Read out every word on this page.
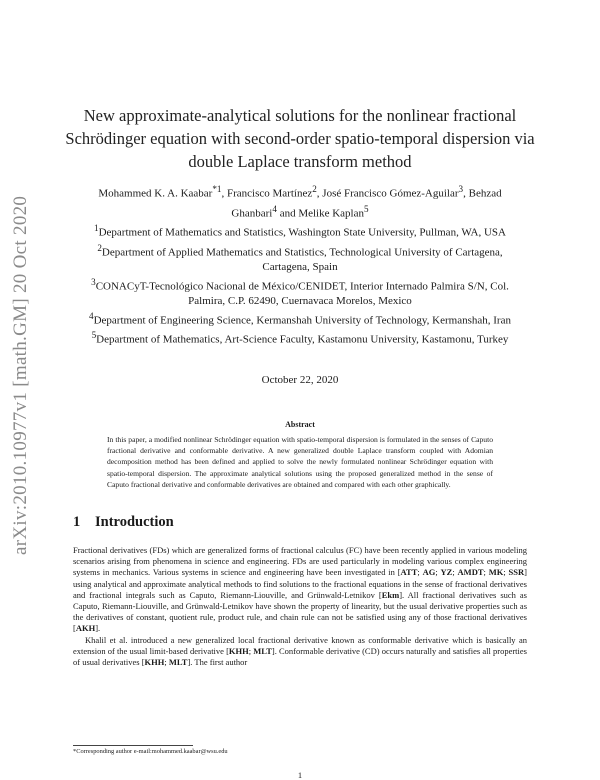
arXiv:2010.10977v1 [math.GM] 20 Oct 2020
New approximate-analytical solutions for the nonlinear fractional Schrödinger equation with second-order spatio-temporal dispersion via double Laplace transform method
Mohammed K. A. Kaabar$^{*1}$, Francisco Martínez$^2$, José Francisco Gómez-Aguilar$^3$, Behzad Ghanbari$^4$ and Melike Kaplan$^5$
$^1$Department of Mathematics and Statistics, Washington State University, Pullman, WA, USA
$^2$Department of Applied Mathematics and Statistics, Technological University of Cartagena, Cartagena, Spain
$^3$CONACyT-Tecnológico Nacional de México/CENIDET, Interior Internado Palmira S/N, Col. Palmira, C.P. 62490, Cuernavaca Morelos, Mexico
$^4$Department of Engineering Science, Kermanshah University of Technology, Kermanshah, Iran
$^5$Department of Mathematics, Art-Science Faculty, Kastamonu University, Kastamonu, Turkey
October 22, 2020
Abstract
In this paper, a modified nonlinear Schrödinger equation with spatio-temporal dispersion is formulated in the senses of Caputo fractional derivative and conformable derivative. A new generalized double Laplace transform coupled with Adomian decomposition method has been defined and applied to solve the newly formulated nonlinear Schrödinger equation with spatio-temporal dispersion. The approximate analytical solutions using the proposed generalized method in the sense of Caputo fractional derivative and conformable derivatives are obtained and compared with each other graphically.
1 Introduction

Fractional derivatives (FDs) which are generalized forms of fractional calculus (FC) have been recently applied in various modeling scenarios arising from phenomena in science and engineering. FDs are used particularly in modeling various complex engineering systems in mechanics. Various systems in science and engineering have been investigated in [ATT; AG; YZ; AMDT; MK; SSR] using analytical and approximate analytical methods to find solutions to the fractional equations in the sense of fractional derivatives and fractional integrals such as Caputo, Riemann-Liouville, and Grünwald-Letnikov [Ekm]. All fractional derivatives such as Caputo, Riemann-Liouville, and Grünwald-Letnikov have shown the property of linearity, but the usual derivative properties such as the derivatives of constant, quotient rule, product rule, and chain rule can not be satisfied using any of those fractional derivatives [AKH].

Khalil et al. introduced a new generalized local fractional derivative known as conformable derivative which is basically an extension of the usual limit-based derivative [KHH; MLT]. Conformable derivative (CD) occurs naturally and satisfies all properties of usual derivatives [KHH; MLT]. The first author

*Corresponding author e-mail:mohammed.kaabar@wsu.edu
1
